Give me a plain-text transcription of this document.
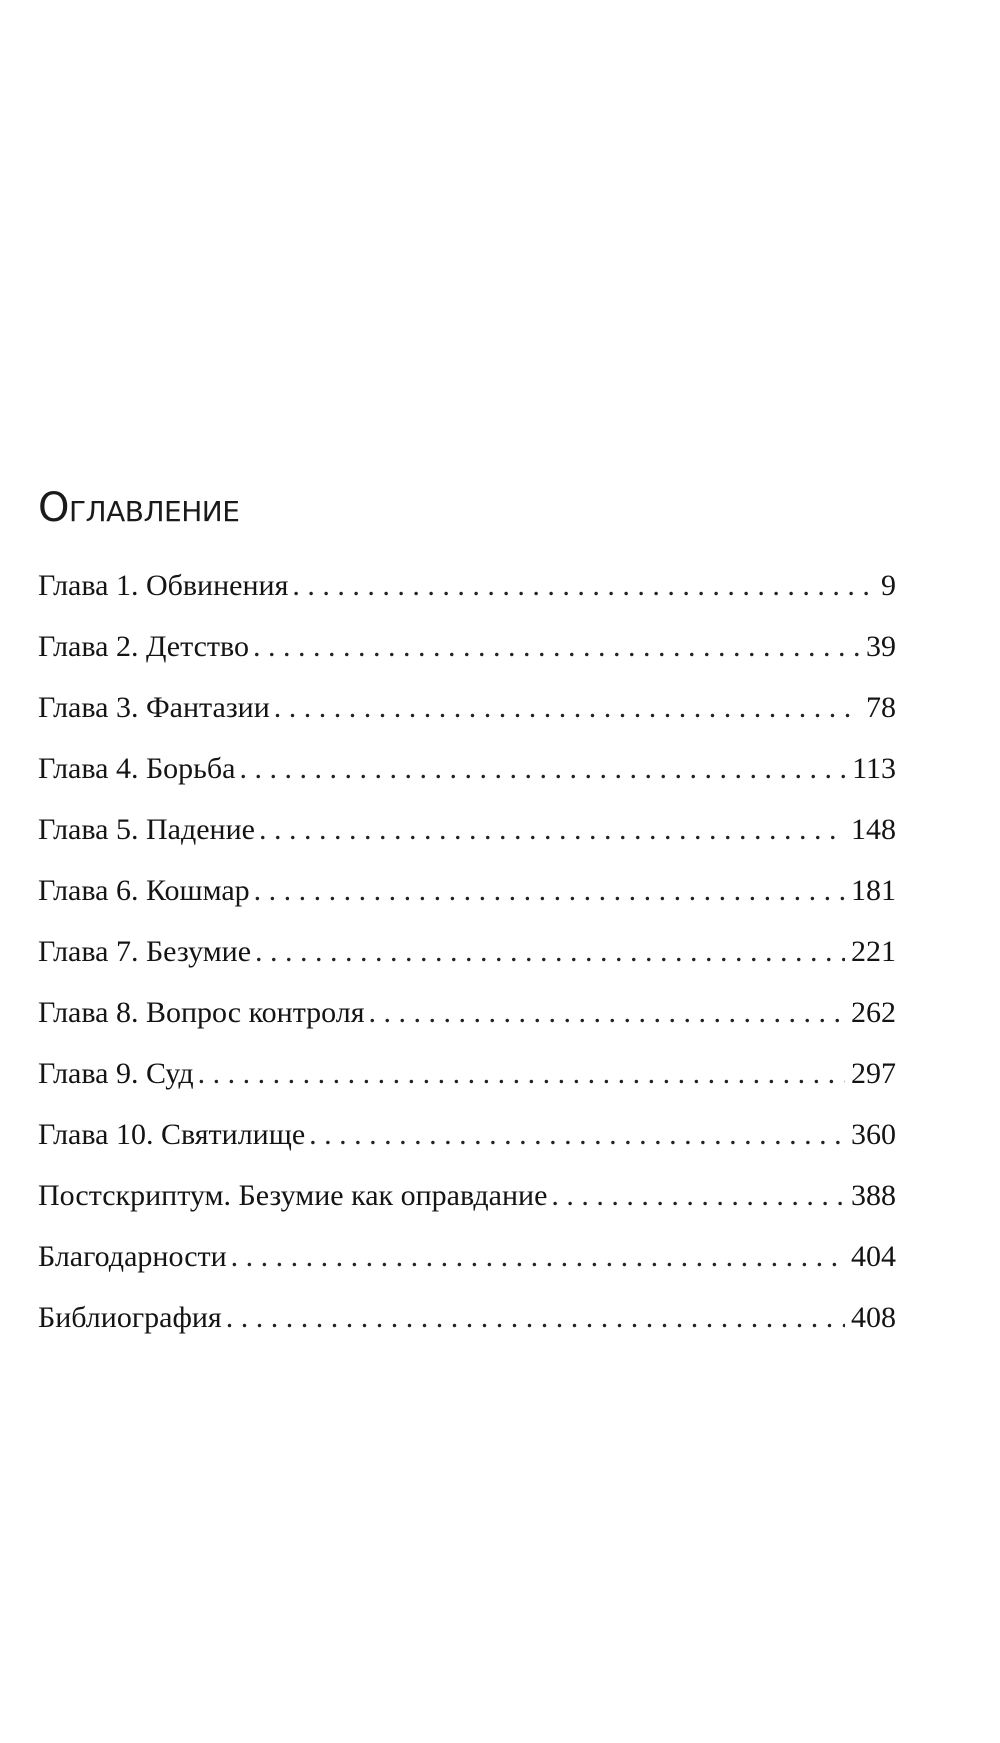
ОГЛАВЛЕНИЕ
Глава 1. Обвинения . . .	9
Глава 2. Детство . . .	39
Глава 3. Фантазии . . .	78
Глава 4. Борьба . . .	113
Глава 5. Падение . . .	148
Глава 6. Кошмар . . .	181
Глава 7. Безумие . . .	221
Глава 8. Вопрос контроля . . .	262
Глава 9. Суд . . .	297
Глава 10. Святилище . . .	360
Постскриптум. Безумие как оправдание . . .	388
Благодарности . . .	404
Библиография . . .	408
